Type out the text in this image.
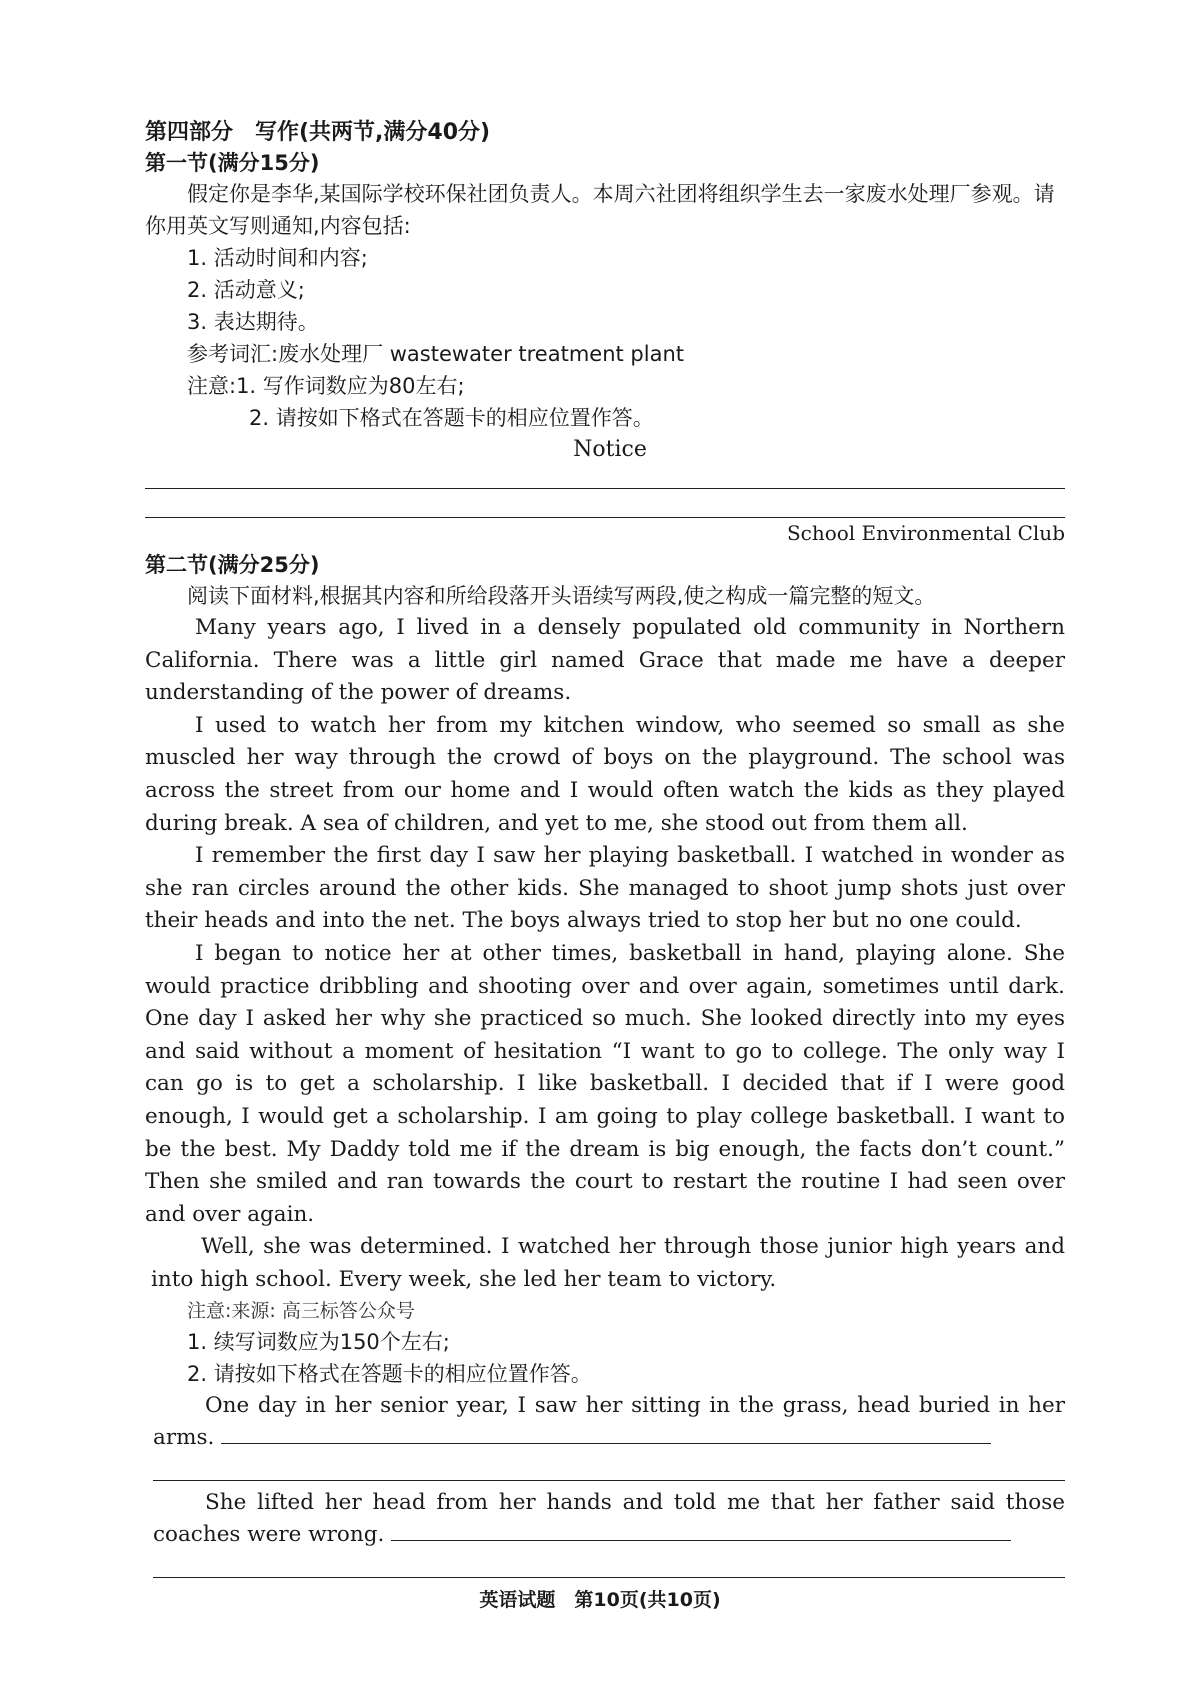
第四部分　写作(共两节,满分40分)

第一节(满分15分)

假定你是李华,某国际学校环保社团负责人。本周六社团将组织学生去一家废水处理厂参观。请你用英文写则通知,内容包括:

1. 活动时间和内容;

2. 活动意义;

3. 表达期待。

参考词汇:废水处理厂 wastewater treatment plant

注意:1. 写作词数应为80左右;

2. 请按如下格式在答题卡的相应位置作答。

Notice

School Environmental Club

第二节(满分25分)

阅读下面材料,根据其内容和所给段落开头语续写两段,使之构成一篇完整的短文。

Many years ago, I lived in a densely populated old community in Northern California. There was a little girl named Grace that made me have a deeper understanding of the power of dreams.

I used to watch her from my kitchen window, who seemed so small as she muscled her way through the crowd of boys on the playground. The school was across the street from our home and I would often watch the kids as they played during break. A sea of children, and yet to me, she stood out from them all.

I remember the first day I saw her playing basketball. I watched in wonder as she ran circles around the other kids. She managed to shoot jump shots just over their heads and into the net. The boys always tried to stop her but no one could.

I began to notice her at other times, basketball in hand, playing alone. She would practice dribbling and shooting over and over again, sometimes until dark. One day I asked her why she practiced so much. She looked directly into my eyes and said without a moment of hesitation “I want to go to college. The only way I can go is to get a scholarship. I like basketball. I decided that if I were good enough, I would get a scholarship. I am going to play college basketball. I want to be the best. My Daddy told me if the dream is big enough, the facts don’t count.” Then she smiled and ran towards the court to restart the routine I had seen over and over again.

Well, she was determined. I watched her through those junior high years and into high school. Every week, she led her team to victory.

注意:来源: 高三标答公众号

1. 续写词数应为150个左右;

2. 请按如下格式在答题卡的相应位置作答。

One day in her senior year, I saw her sitting in the grass, head buried in her arms.

She lifted her head from her hands and told me that her father said those coaches were wrong.

英语试题　第10页(共10页)
